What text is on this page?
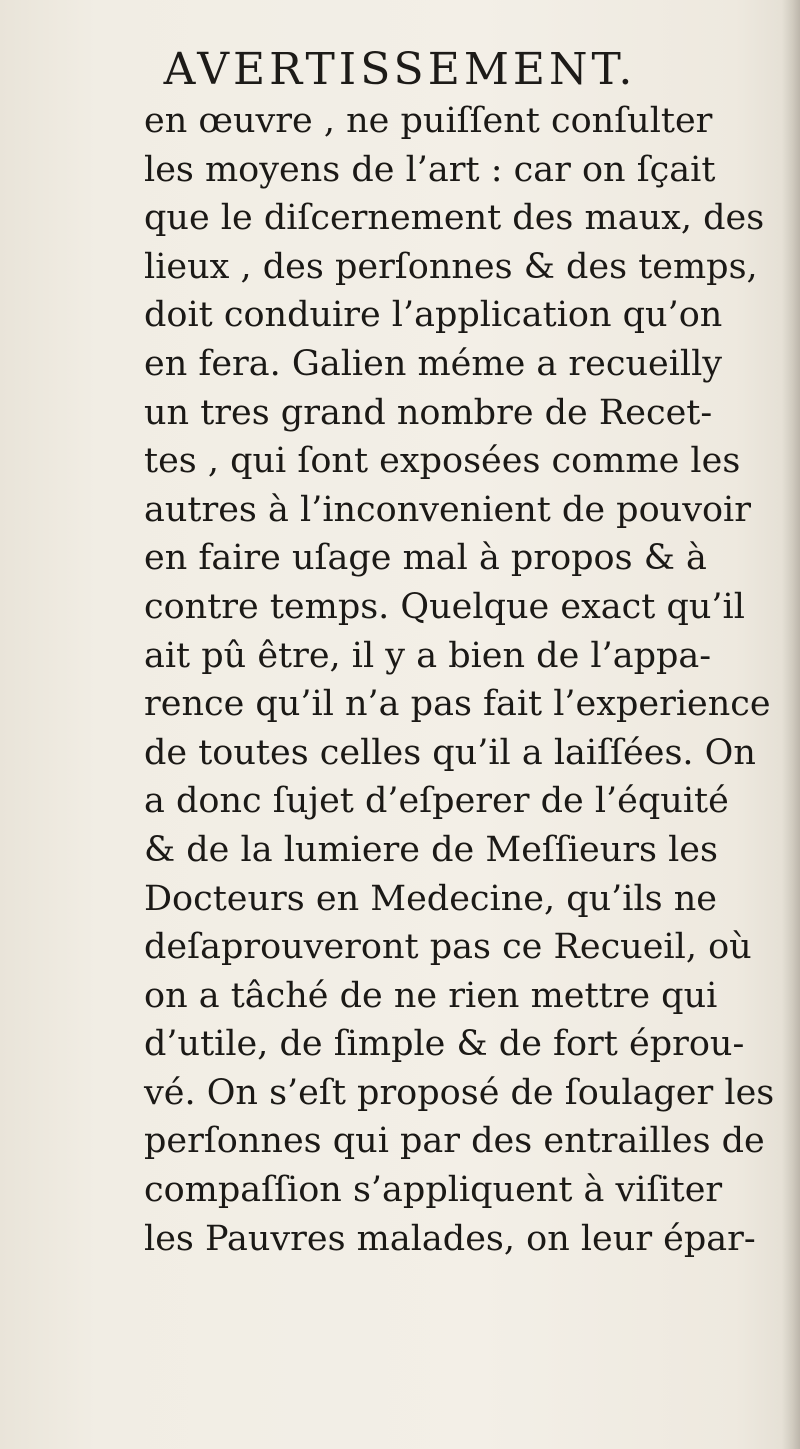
AVERTISSEMENT.
en œuvre , ne puiſſent conſulter
les moyens de l’art : car on ſçait
que le diſcernement des maux, des
lieux , des perſonnes & des temps,
doit conduire l’application qu’on
en fera. Galien méme a recueilly
un tres grand nombre de Recet-
tes , qui ſont exposées comme les
autres à l’inconvenient de pouvoir
en faire uſage mal à propos & à
contre temps. Quelque exact qu’il
ait pû être, il y a bien de l’appa-
rence qu’il n’a pas fait l’experience
de toutes celles qu’il a laiſſées. On
a donc ſujet d’eſperer de l’équité
& de la lumiere de Meſſieurs les
Docteurs en Medecine, qu’ils ne
deſaprouveront pas ce Recueil, où
on a tâché de ne rien mettre qui
d’utile, de ſimple & de fort éprou-
vé. On s’eſt proposé de ſoulager les
perſonnes qui par des entrailles de
compaſſion s’appliquent à viſiter
les Pauvres malades, on leur épar-
